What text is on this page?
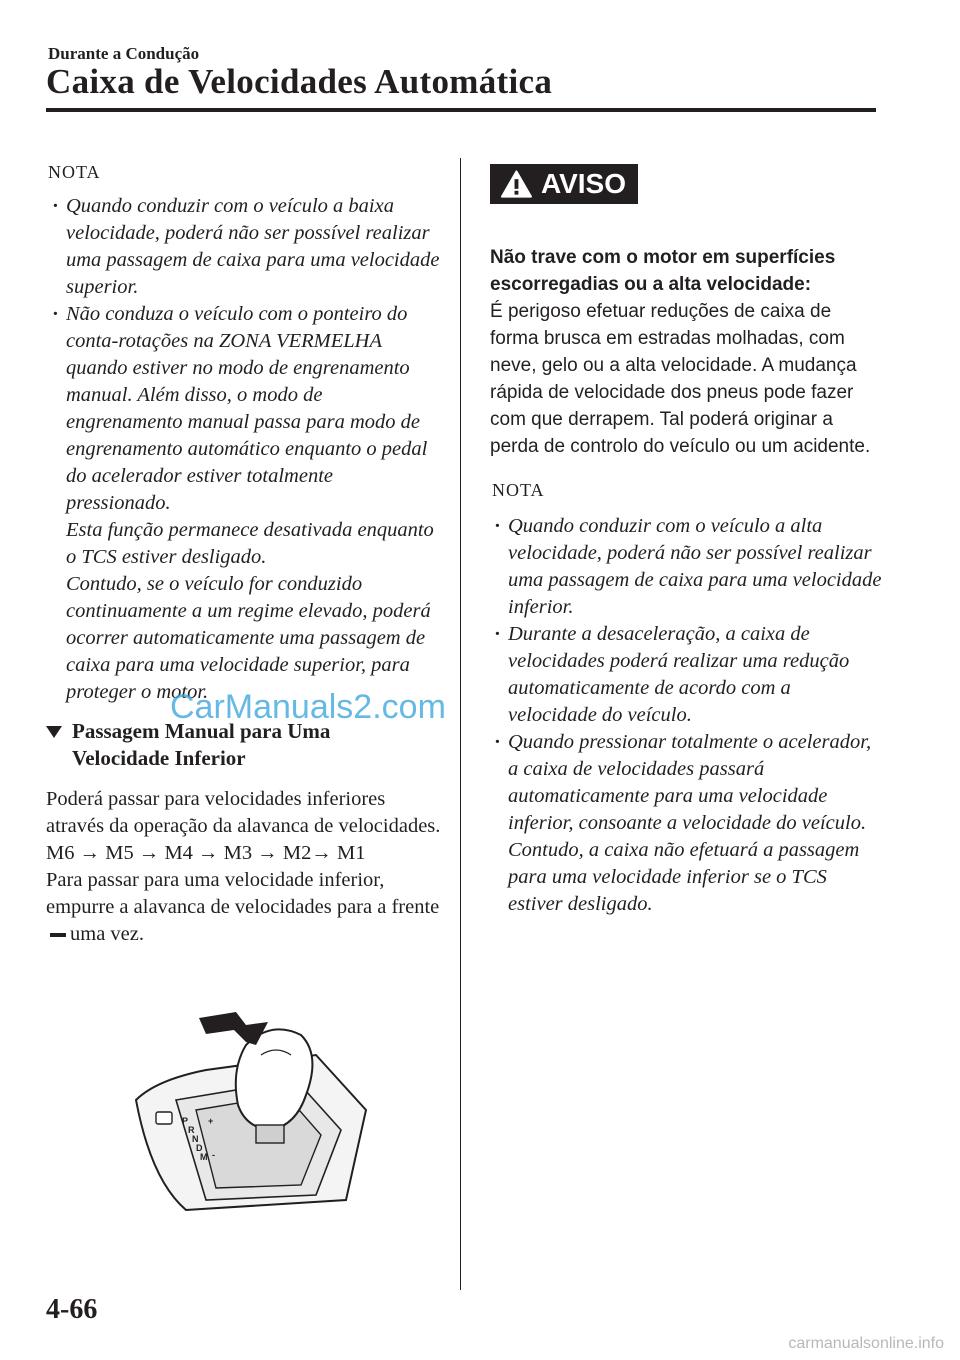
Durante a Condução
Caixa de Velocidades Automática
NOTA
· Quando conduzir com o veículo a baixa velocidade, poderá não ser possível realizar uma passagem de caixa para uma velocidade superior.

· Não conduza o veículo com o ponteiro do conta-rotações na ZONA VERMELHA quando estiver no modo de engrenamento manual. Além disso, o modo de engrenamento manual passa para modo de engrenamento automático enquanto o pedal do acelerador estiver totalmente pressionado.

Esta função permanece desativada enquanto o TCS estiver desligado.

Contudo, se o veículo for conduzido continuamente a um regime elevado, poderá ocorrer automaticamente uma passagem de caixa para uma velocidade superior, para proteger o motor.

Passagem Manual para Uma Velocidade Inferior

Poderá passar para velocidades inferiores através da operação da alavanca de velocidades.

M6 → M5 → M4 → M3 → M2→ M1

Para passar para uma velocidade inferior, empurre a alavanca de velocidades para a frente uma vez.

P
R
N
D
M
+
-
AVISO

Não trave com o motor em superfícies escorregadias ou a alta velocidade:
É perigoso efetuar reduções de caixa de forma brusca em estradas molhadas, com neve, gelo ou a alta velocidade. A mudança rápida de velocidade dos pneus pode fazer com que derrapem. Tal poderá originar a perda de controlo do veículo ou um acidente.

NOTA
· Quando conduzir com o veículo a alta velocidade, poderá não ser possível realizar uma passagem de caixa para uma velocidade inferior.

· Durante a desaceleração, a caixa de velocidades poderá realizar uma redução automaticamente de acordo com a velocidade do veículo.

· Quando pressionar totalmente o acelerador, a caixa de velocidades passará automaticamente para uma velocidade inferior, consoante a velocidade do veículo. Contudo, a caixa não efetuará a passagem para uma velocidade inferior se o TCS estiver desligado.

CarManuals2.com
4-66
carmanualsonline.info
